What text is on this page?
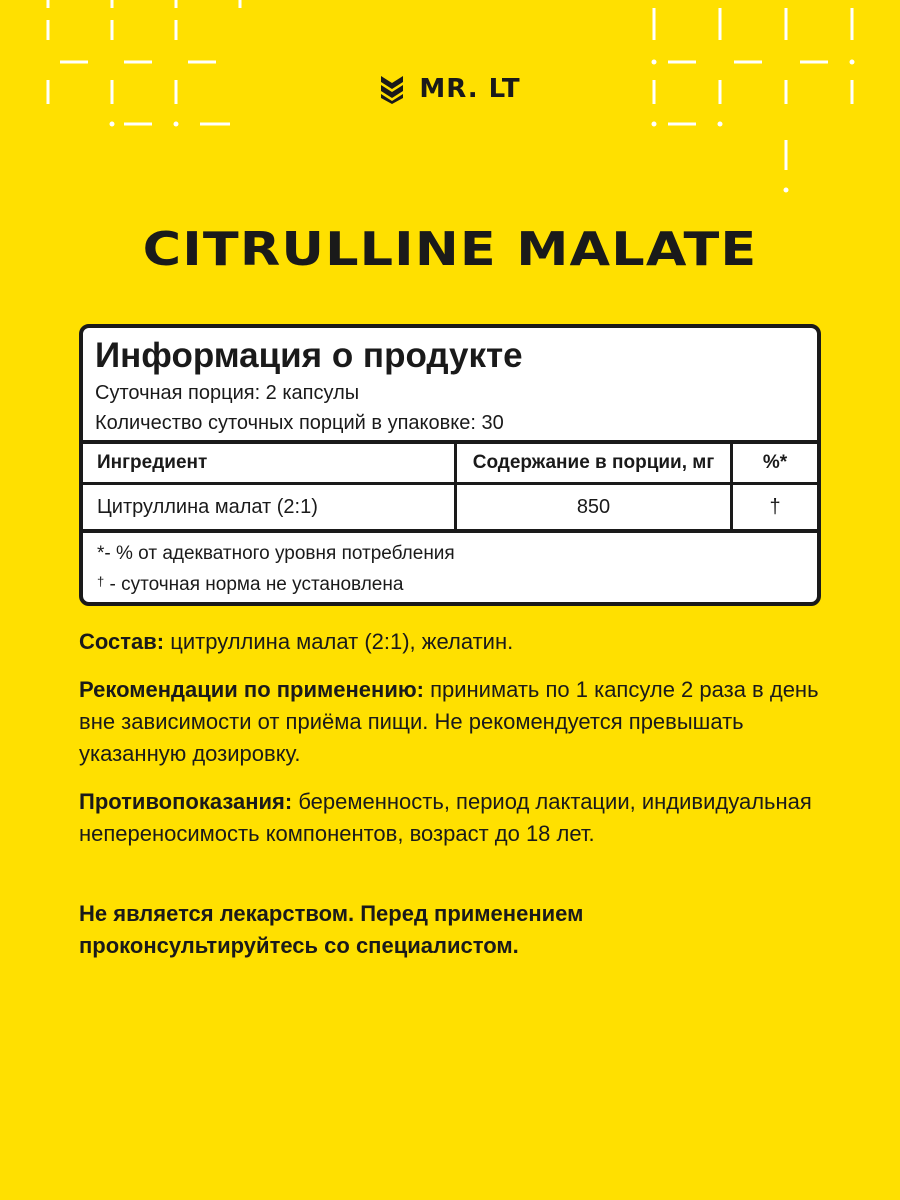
MR. LT
CITRULLINE MALATE
Информация о продукте
Суточная порция: 2 капсулы
Количество суточных порций в упаковке: 30
Ингредиент	Содержание в порции, мг	%*
Цитруллина малат (2:1)	850	†
*- % от адекватного уровня потребления
† - суточная норма не установлена
Состав: цитруллина малат (2:1), желатин.
Рекомендации по применению: принимать по 1 капсуле 2 раза в день вне зависимости от приёма пищи. Не рекомендуется превышать указанную дозировку.
Противопоказания: беременность, период лактации, индивидуальная непереносимость компонентов, возраст до 18 лет.
Не является лекарством. Перед применением проконсультируйтесь со специалистом.
